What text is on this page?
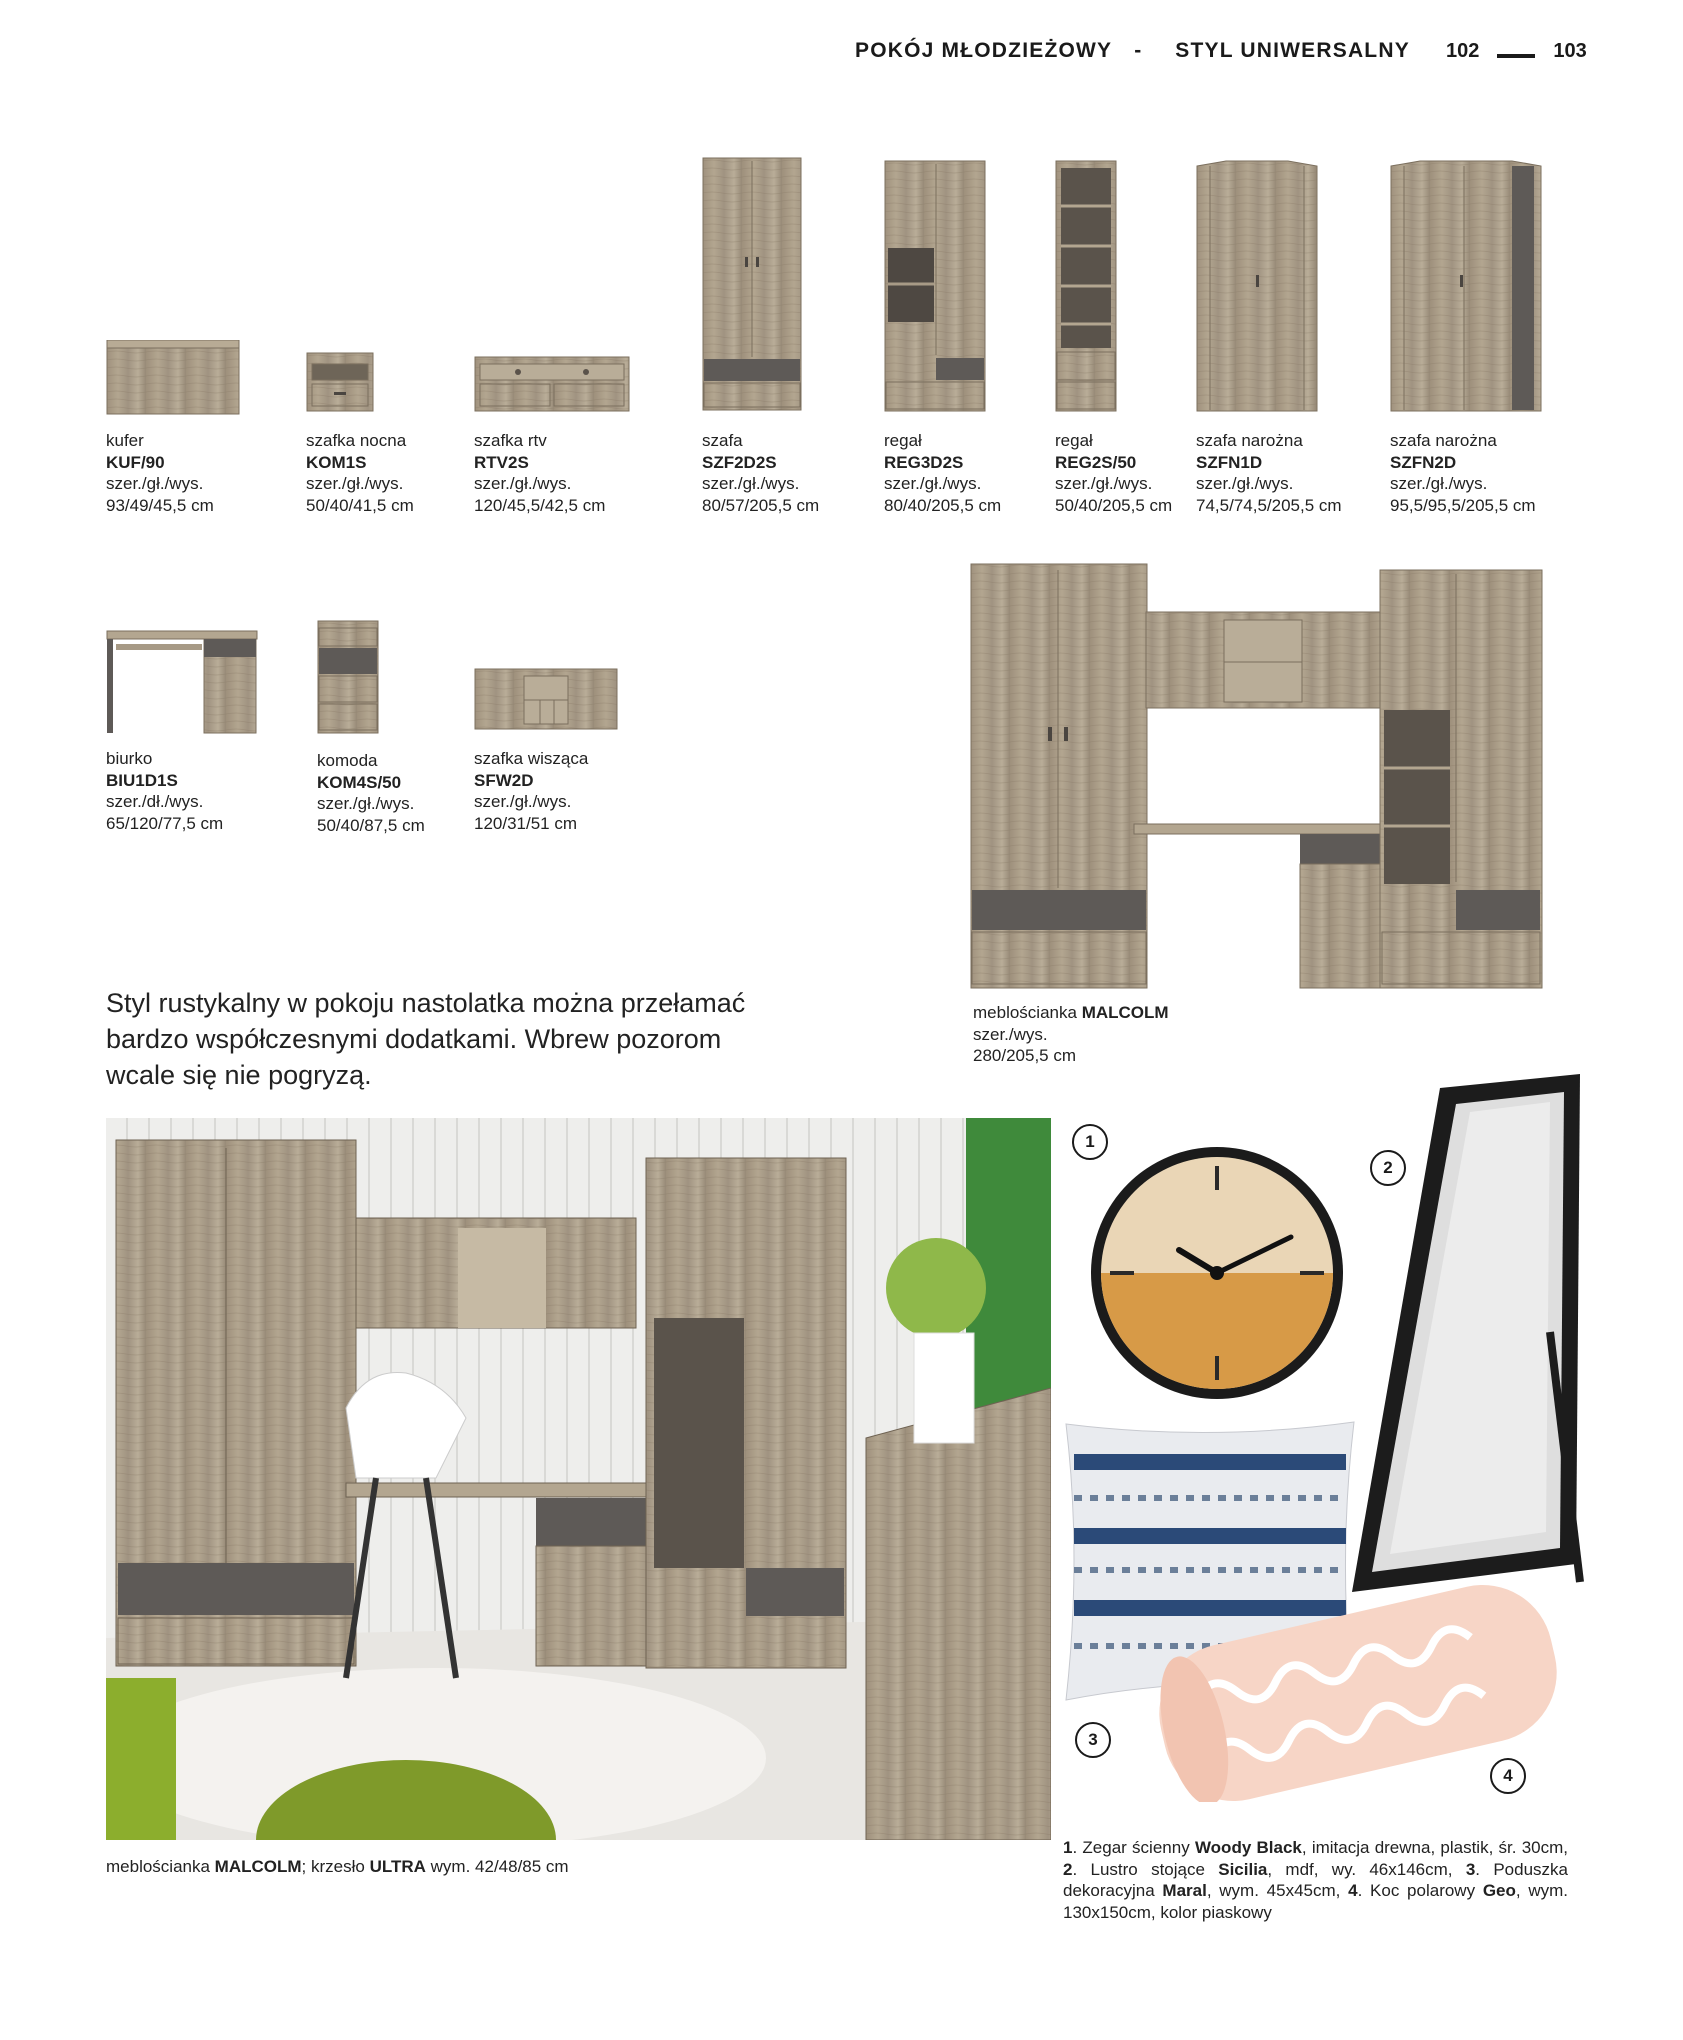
POKÓJ MŁODZIEŻOWY - STYL UNIWERSALNY 102	103
kufer
KUF/90
szer./gł./wys.
93/49/45,5 cm
szafka nocna
KOM1S
szer./gł./wys.
50/40/41,5 cm
szafka rtv
RTV2S
szer./gł./wys.
120/45,5/42,5 cm
szafa
SZF2D2S
szer./gł./wys.
80/57/205,5 cm
regał
REG3D2S
szer./gł./wys.
80/40/205,5 cm
regał
REG2S/50
szer./gł./wys.
50/40/205,5 cm
szafa narożna
SZFN1D
szer./gł./wys.
74,5/74,5/205,5 cm
szafa narożna
SZFN2D
szer./gł./wys.
95,5/95,5/205,5 cm
biurko
BIU1D1S
szer./dł./wys.
65/120/77,5 cm
komoda
KOM4S/50
szer./gł./wys.
50/40/87,5 cm
szafka wisząca
SFW2D
szer./gł./wys.
120/31/51 cm
meblościanka MALCOLM
szer./wys.
280/205,5 cm
Styl rustykalny w pokoju nastolatka można przełamać
bardzo współczesnymi dodatkami. Wbrew pozorom
wcale się nie pogryzą.
meblościanka MALCOLM; krzesło ULTRA wym. 42/48/85 cm
1
2
3
4
1. Zegar ścienny Woody Black, imitacja drewna, plastik, śr. 30cm, 2. Lustro stojące Sicilia, mdf, wy. 46x146cm, 3. Poduszka dekoracyjna Maral, wym. 45x45cm, 4. Koc polarowy Geo, wym. 130x150cm, kolor piaskowy
